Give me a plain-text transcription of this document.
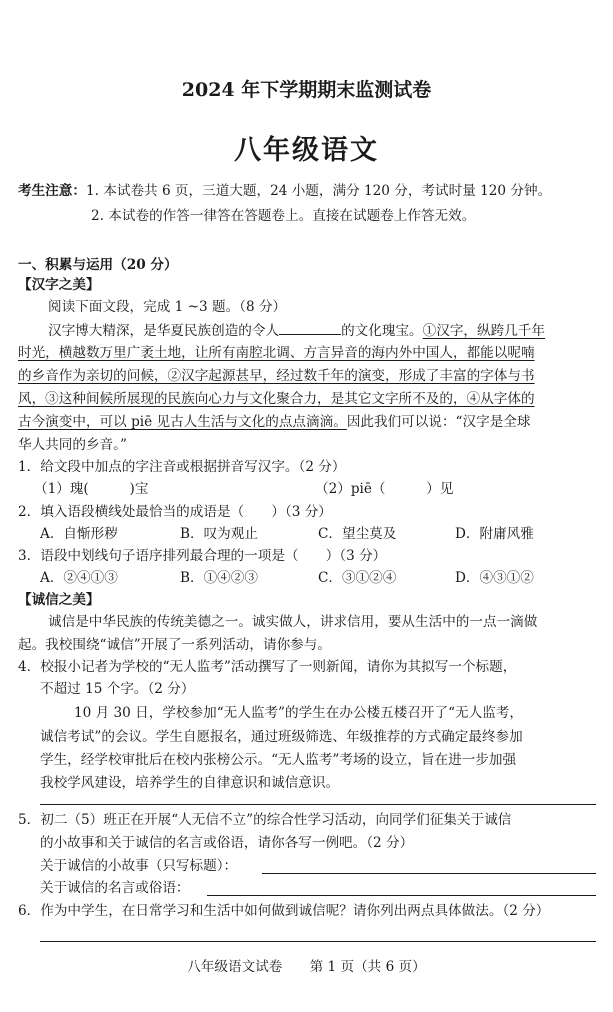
2024 年下学期期末监测试卷
八年级语文
考生注意：1. 本试卷共 6 页，三道大题，24 小题，满分 120 分，考试时量 120 分钟。
2. 本试卷的作答一律答在答题卷上。直接在试题卷上作答无效。
一、积累与运用（20 分）
【汉字之美】
阅读下面文段，完成 1 ~3 题。（8 分）
汉字博大精深，是华夏民族创造的令人	的文化瑰宝。①汉字，纵跨几千年
时光，横越数万里广袤土地，让所有南腔北调、方言异音的海内外中国人，都能以呢喃
的乡音作为亲切的问候，②汉字起源甚早，经过数千年的演变，形成了丰富的字体与书
风，③这种间候所展现的民族向心力与文化聚合力，是其它文字所不及的，④从字体的
古今演变中，可以 piē 见古人生活与文化的点点滴滴。因此我们可以说：“汉字是全球
华人共同的乡音。”
1．给文段中加点的字注音或根据拼音写汉字。（2 分）
（1）瑰(　　　)宝	（2）piē（　　　）见
2．填入语段横线处最恰当的成语是（　　）（3 分）
A．自惭形秽	B．叹为观止	C．望尘莫及	D．附庸风雅
3．语段中划线句子语序排列最合理的一项是（　　）（3 分）
A．②④①③	B．①④②③	C．③①②④	D．④③①②
【诚信之美】
诚信是中华民族的传统美德之一。诚实做人，讲求信用，要从生活中的一点一滴做
起。我校围绕“诚信”开展了一系列活动，请你参与。
4．校报小记者为学校的“无人监考”活动撰写了一则新闻，请你为其拟写一个标题，
不超过 15 个字。（2 分）
10 月 30 日，学校参加“无人监考”的学生在办公楼五楼召开了“无人监考，
诚信考试”的会议。学生自愿报名，通过班级筛选、年级推荐的方式确定最终参加
学生，经学校审批后在校内张榜公示。“无人监考”考场的设立，旨在进一步加强
我校学风建设，培养学生的自律意识和诚信意识。
5．初二（5）班正在开展“人无信不立”的综合性学习活动，向同学们征集关于诚信
的小故事和关于诚信的名言或俗语，请你各写一例吧。（2 分）
关于诚信的小故事（只写标题）：
关于诚信的名言或俗语：
6．作为中学生，在日常学习和生活中如何做到诚信呢？请你列出两点具体做法。（2 分）
八年级语文试卷　　第 1 页（共 6 页）
